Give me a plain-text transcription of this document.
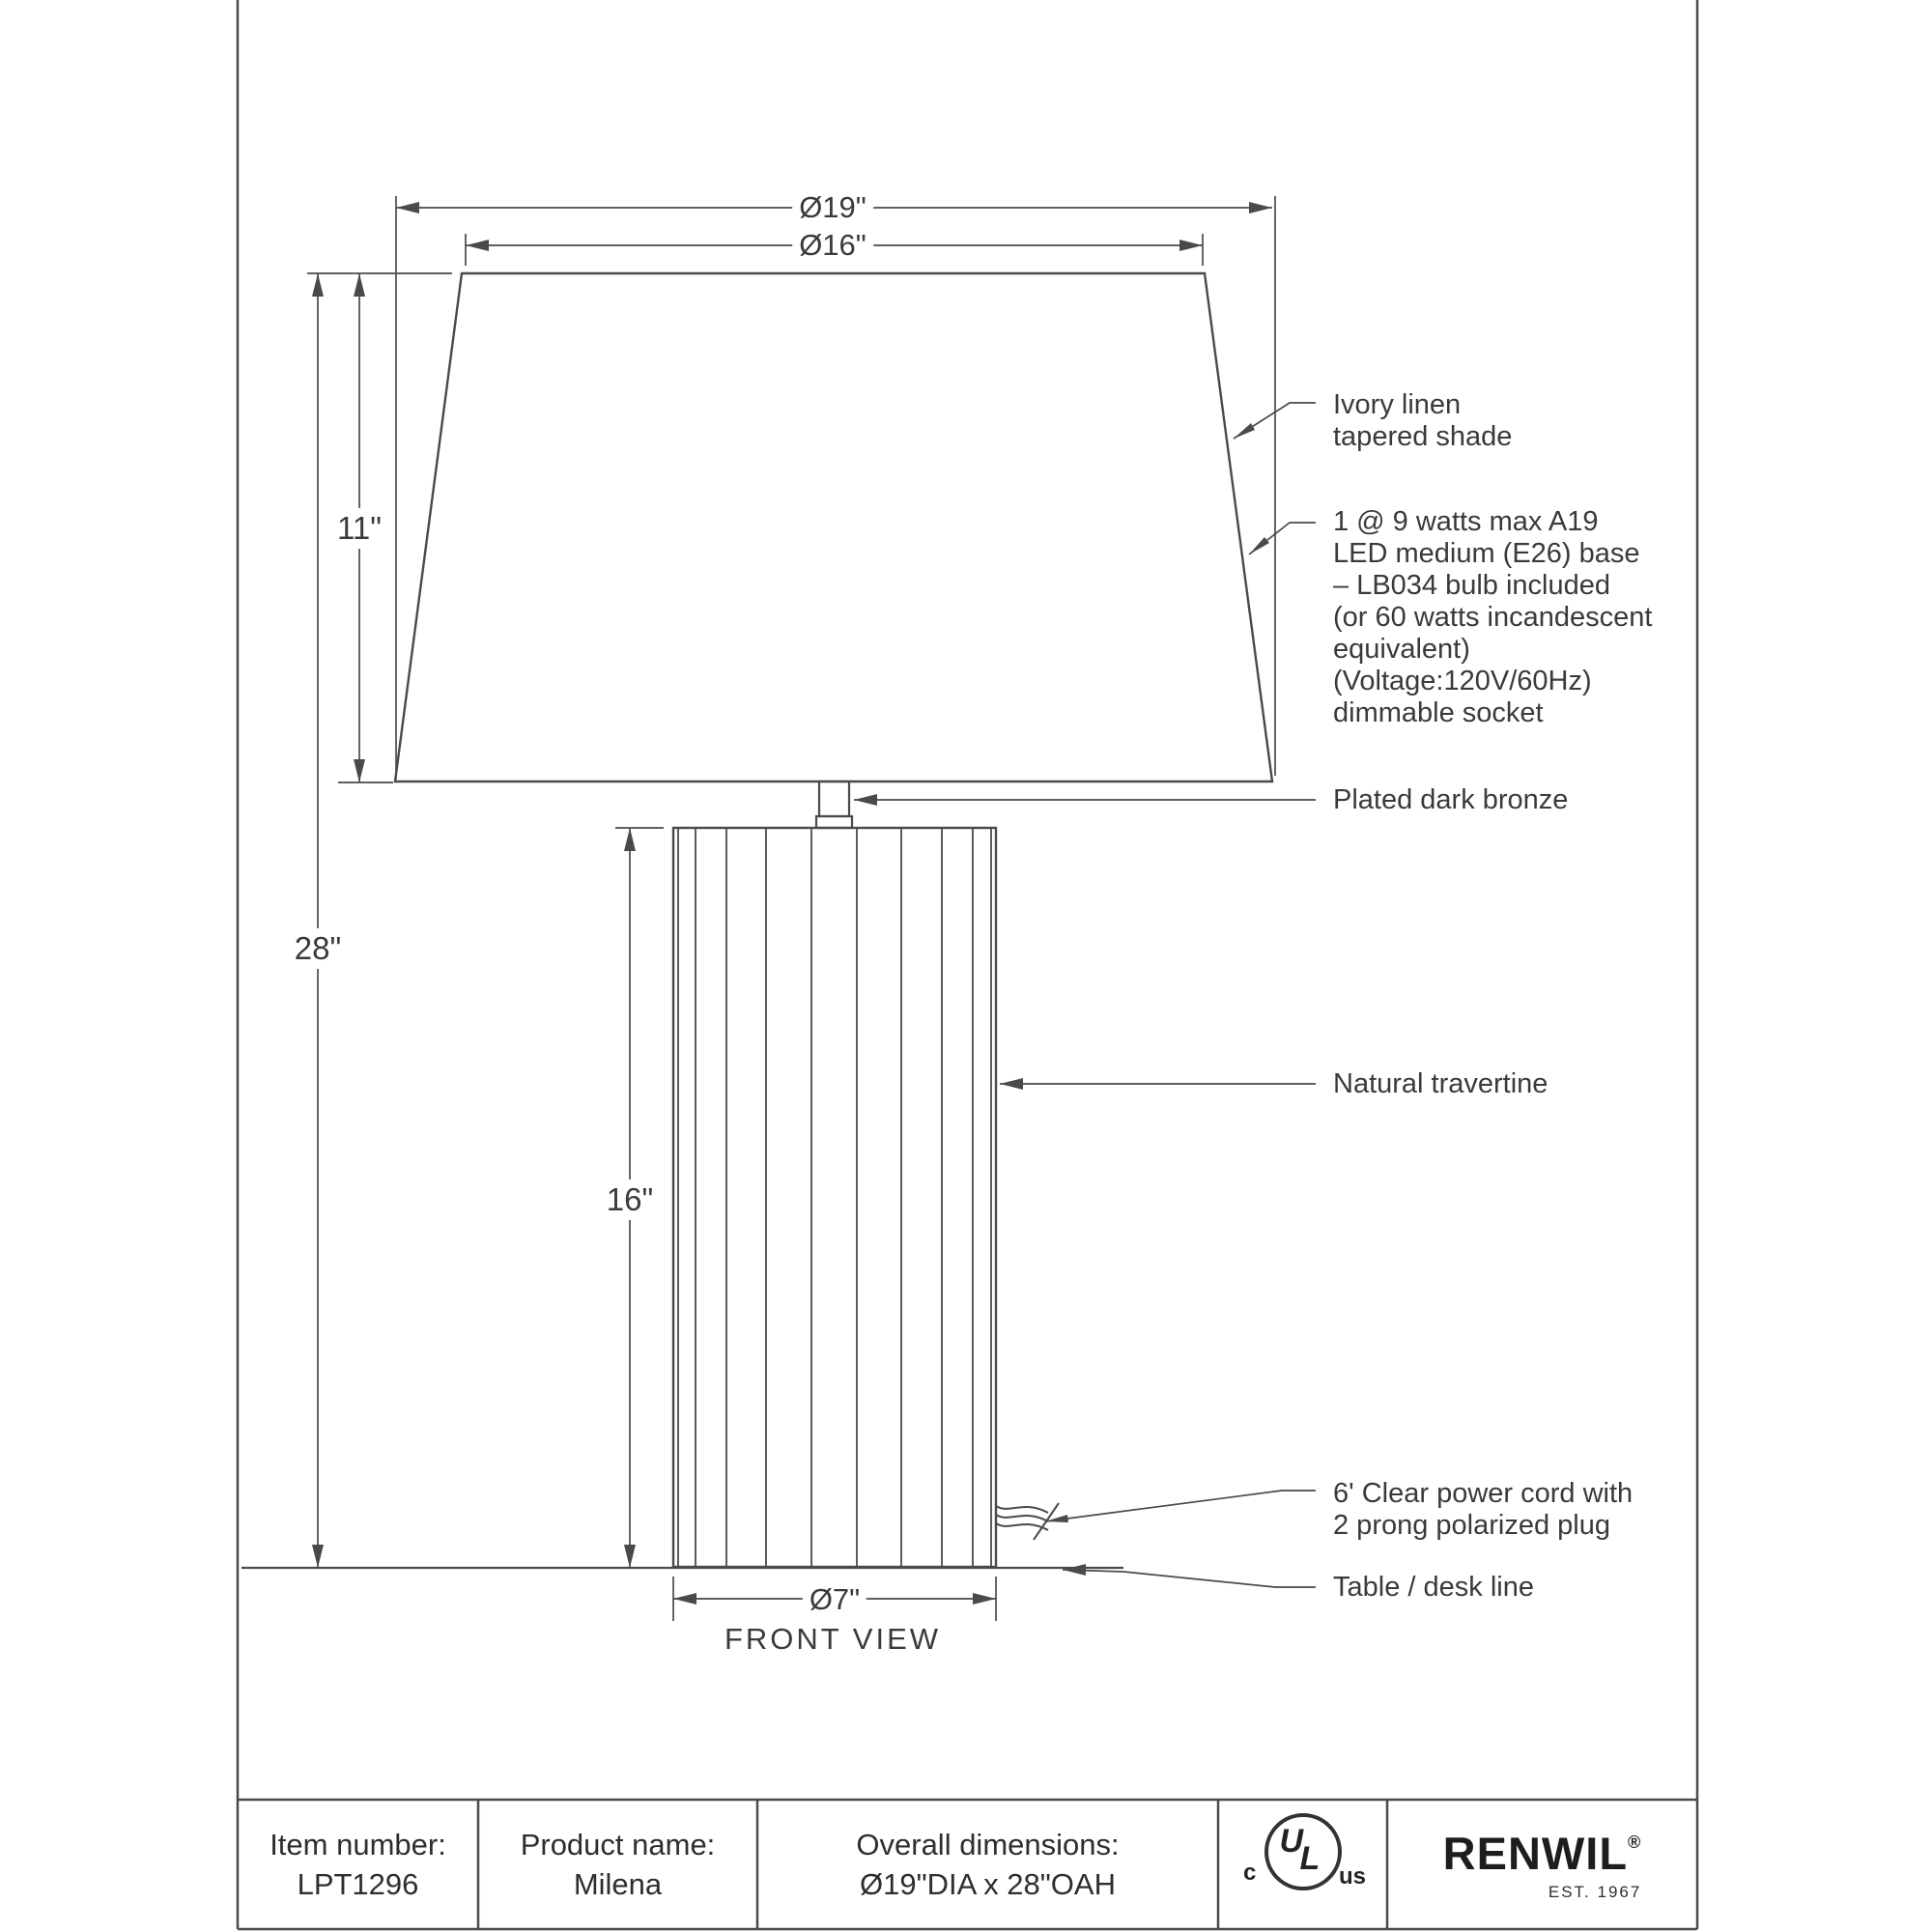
Ø19"
Ø16"
11"
28"
16"
Ø7"
FRONT VIEW
Ivory linen
tapered shade
1 @ 9 watts max A19
LED medium (E26) base
– LB034 bulb included
(or 60 watts incandescent
equivalent)
(Voltage:120V/60Hz)
dimmable socket
Plated dark bronze
Natural travertine
6' Clear power cord with
2 prong polarized plug
Table / desk line
Item number:
LPT1296
Product name:
Milena
Overall dimensions:
Ø19"DIA x 28"OAH	c
U
L us RENWIL®
EST. 1967
